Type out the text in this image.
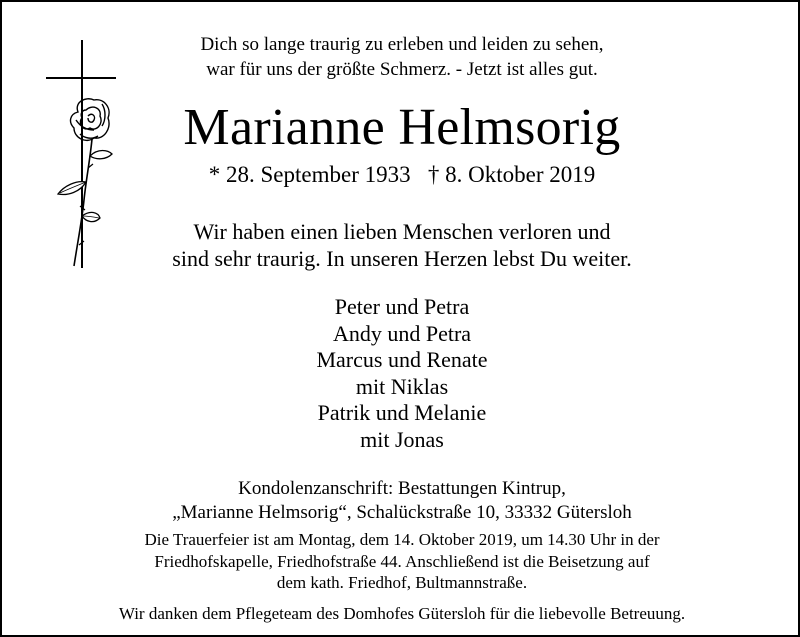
Dich so lange traurig zu erleben und leiden zu sehen,
war für uns der größte Schmerz. - Jetzt ist alles gut.
Marianne Helmsorig
* 28. September 1933   † 8. Oktober 2019
Wir haben einen lieben Menschen verloren und
sind sehr traurig. In unseren Herzen lebst Du weiter.
Peter und Petra
Andy und Petra
Marcus und Renate
mit Niklas
Patrik und Melanie
mit Jonas
Kondolenzanschrift: Bestattungen Kintrup,
„Marianne Helmsorig“, Schalückstraße 10, 33332 Gütersloh
Die Trauerfeier ist am Montag, dem 14. Oktober 2019, um 14.30 Uhr in der
Friedhofskapelle, Friedhofstraße 44. Anschließend ist die Beisetzung auf
dem kath. Friedhof, Bultmannstraße.
Wir danken dem Pflegeteam des Domhofes Gütersloh für die liebevolle Betreuung.
